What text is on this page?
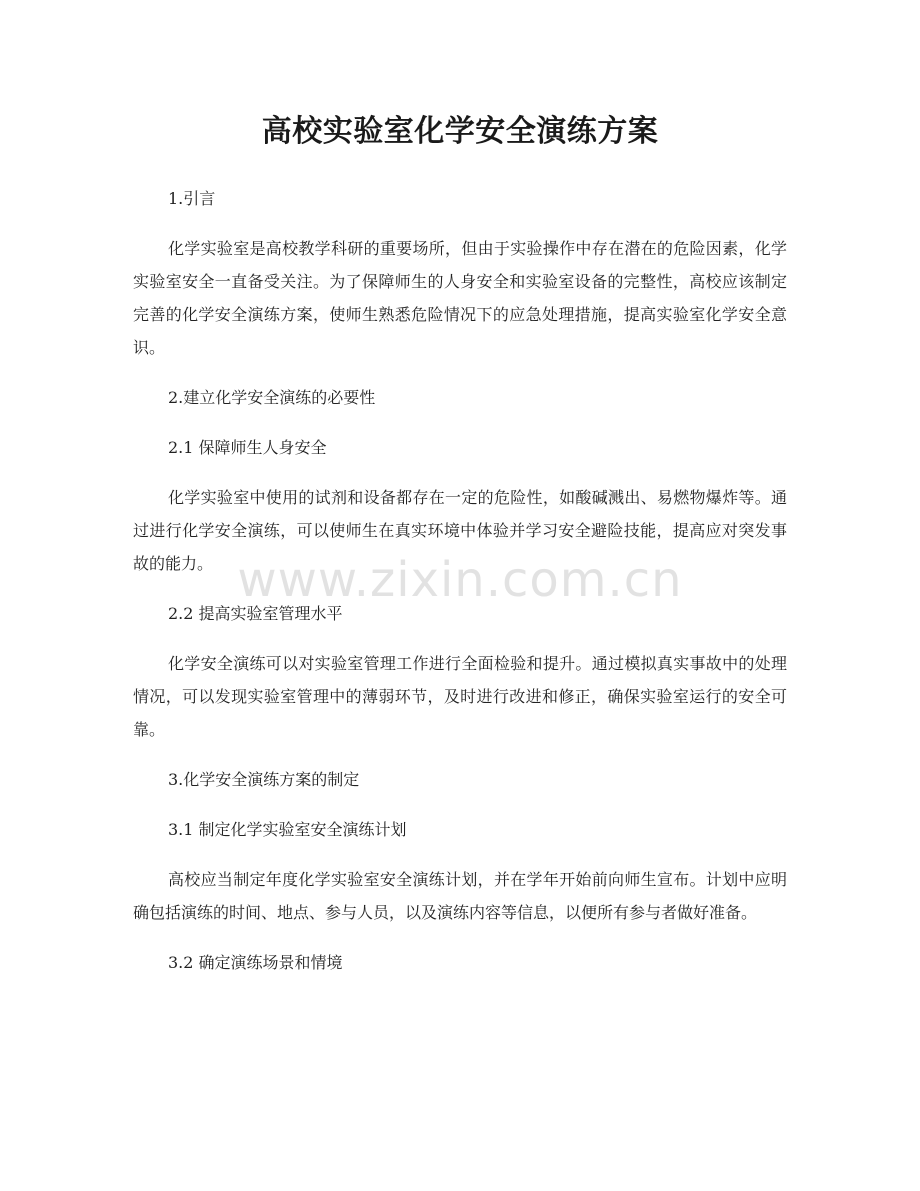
高校实验室化学安全演练方案
1.引言
化学实验室是高校教学科研的重要场所，但由于实验操作中存在潜在的危险因素，化学实验室安全一直备受关注。为了保障师生的人身安全和实验室设备的完整性，高校应该制定完善的化学安全演练方案，使师生熟悉危险情况下的应急处理措施，提高实验室化学安全意识。
2.建立化学安全演练的必要性
2.1 保障师生人身安全
化学实验室中使用的试剂和设备都存在一定的危险性，如酸碱溅出、易燃物爆炸等。通过进行化学安全演练，可以使师生在真实环境中体验并学习安全避险技能，提高应对突发事故的能力。
2.2 提高实验室管理水平
化学安全演练可以对实验室管理工作进行全面检验和提升。通过模拟真实事故中的处理情况，可以发现实验室管理中的薄弱环节，及时进行改进和修正，确保实验室运行的安全可靠。
3.化学安全演练方案的制定
3.1 制定化学实验室安全演练计划
高校应当制定年度化学实验室安全演练计划，并在学年开始前向师生宣布。计划中应明确包括演练的时间、地点、参与人员，以及演练内容等信息，以便所有参与者做好准备。
3.2 确定演练场景和情境
www.zixin.com.cn
